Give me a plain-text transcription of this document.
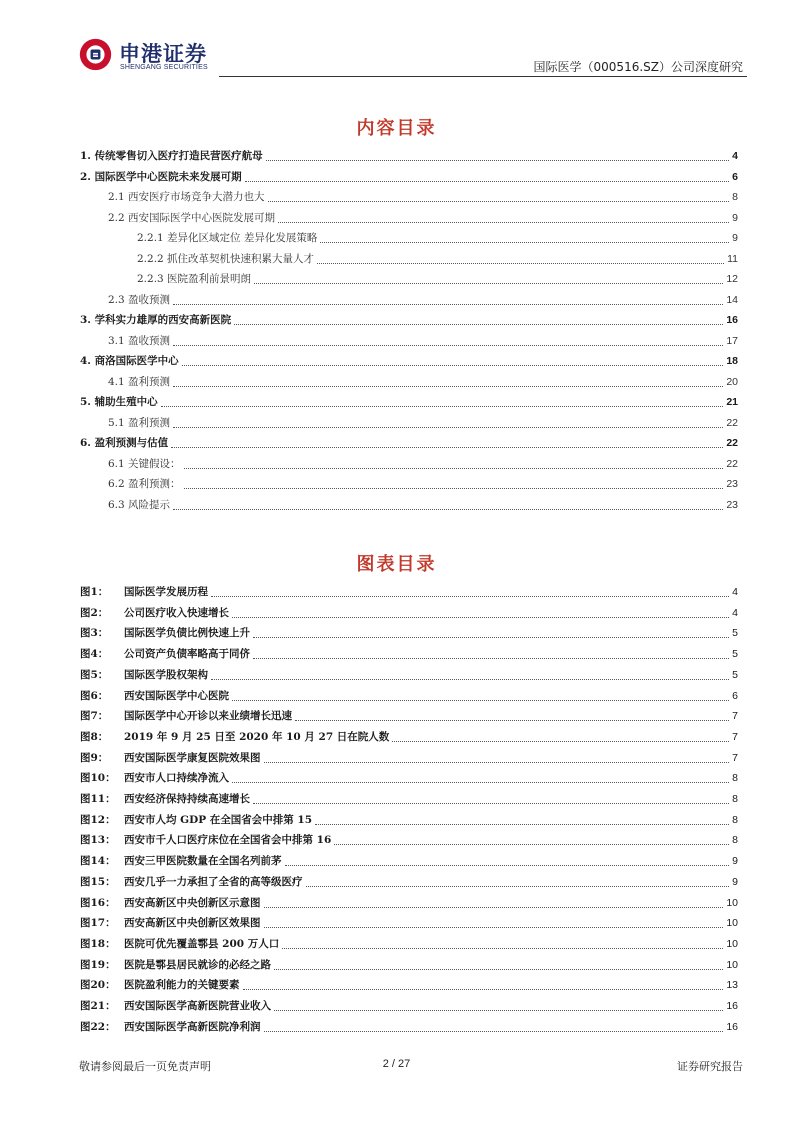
申港证券
SHENGANG SECURITIES	国际医学（000516.SZ）公司深度研究
内容目录
1. 传统零售切入医疗打造民营医疗航母	4
2. 国际医学中心医院未来发展可期	6
2.1 西安医疗市场竞争大潜力也大	8
2.2 西安国际医学中心医院发展可期	9
2.2.1 差异化区域定位 差异化发展策略	9
2.2.2 抓住改革契机快速积累大量人才	11
2.2.3 医院盈利前景明朗	12
2.3 盈收预测	14
3. 学科实力雄厚的西安高新医院	16
3.1 盈收预测	17
4. 商洛国际医学中心	18
4.1 盈利预测	20
5. 辅助生殖中心	21
5.1 盈利预测	22
6. 盈利预测与估值	22
6.1 关键假设：	22
6.2 盈利预测：	23
6.3 风险提示	23
图表目录
图1： 国际医学发展历程	4
图2： 公司医疗收入快速增长	4
图3： 国际医学负债比例快速上升	5
图4： 公司资产负债率略高于同侪	5
图5： 国际医学股权架构	5
图6： 西安国际医学中心医院	6
图7： 国际医学中心开诊以来业绩增长迅速	7
图8： 2019 年 9 月 25 日至 2020 年 10 月 27 日在院人数	7
图9： 西安国际医学康复医院效果图	7
图10： 西安市人口持续净流入	8
图11： 西安经济保持持续高速增长	8
图12： 西安市人均 GDP 在全国省会中排第 15	8
图13： 西安市千人口医疗床位在全国省会中排第 16	8
图14： 西安三甲医院数量在全国名列前茅	9
图15： 西安几乎一力承担了全省的高等级医疗	9
图16： 西安高新区中央创新区示意图	10
图17： 西安高新区中央创新区效果图	10
图18： 医院可优先覆盖鄠县 200 万人口	10
图19： 医院是鄠县居民就诊的必经之路	10
图20： 医院盈利能力的关键要素	13
图21： 西安国际医学高新医院营业收入	16
图22： 西安国际医学高新医院净利润	16
敬请参阅最后一页免责声明	2 / 27	证券研究报告
